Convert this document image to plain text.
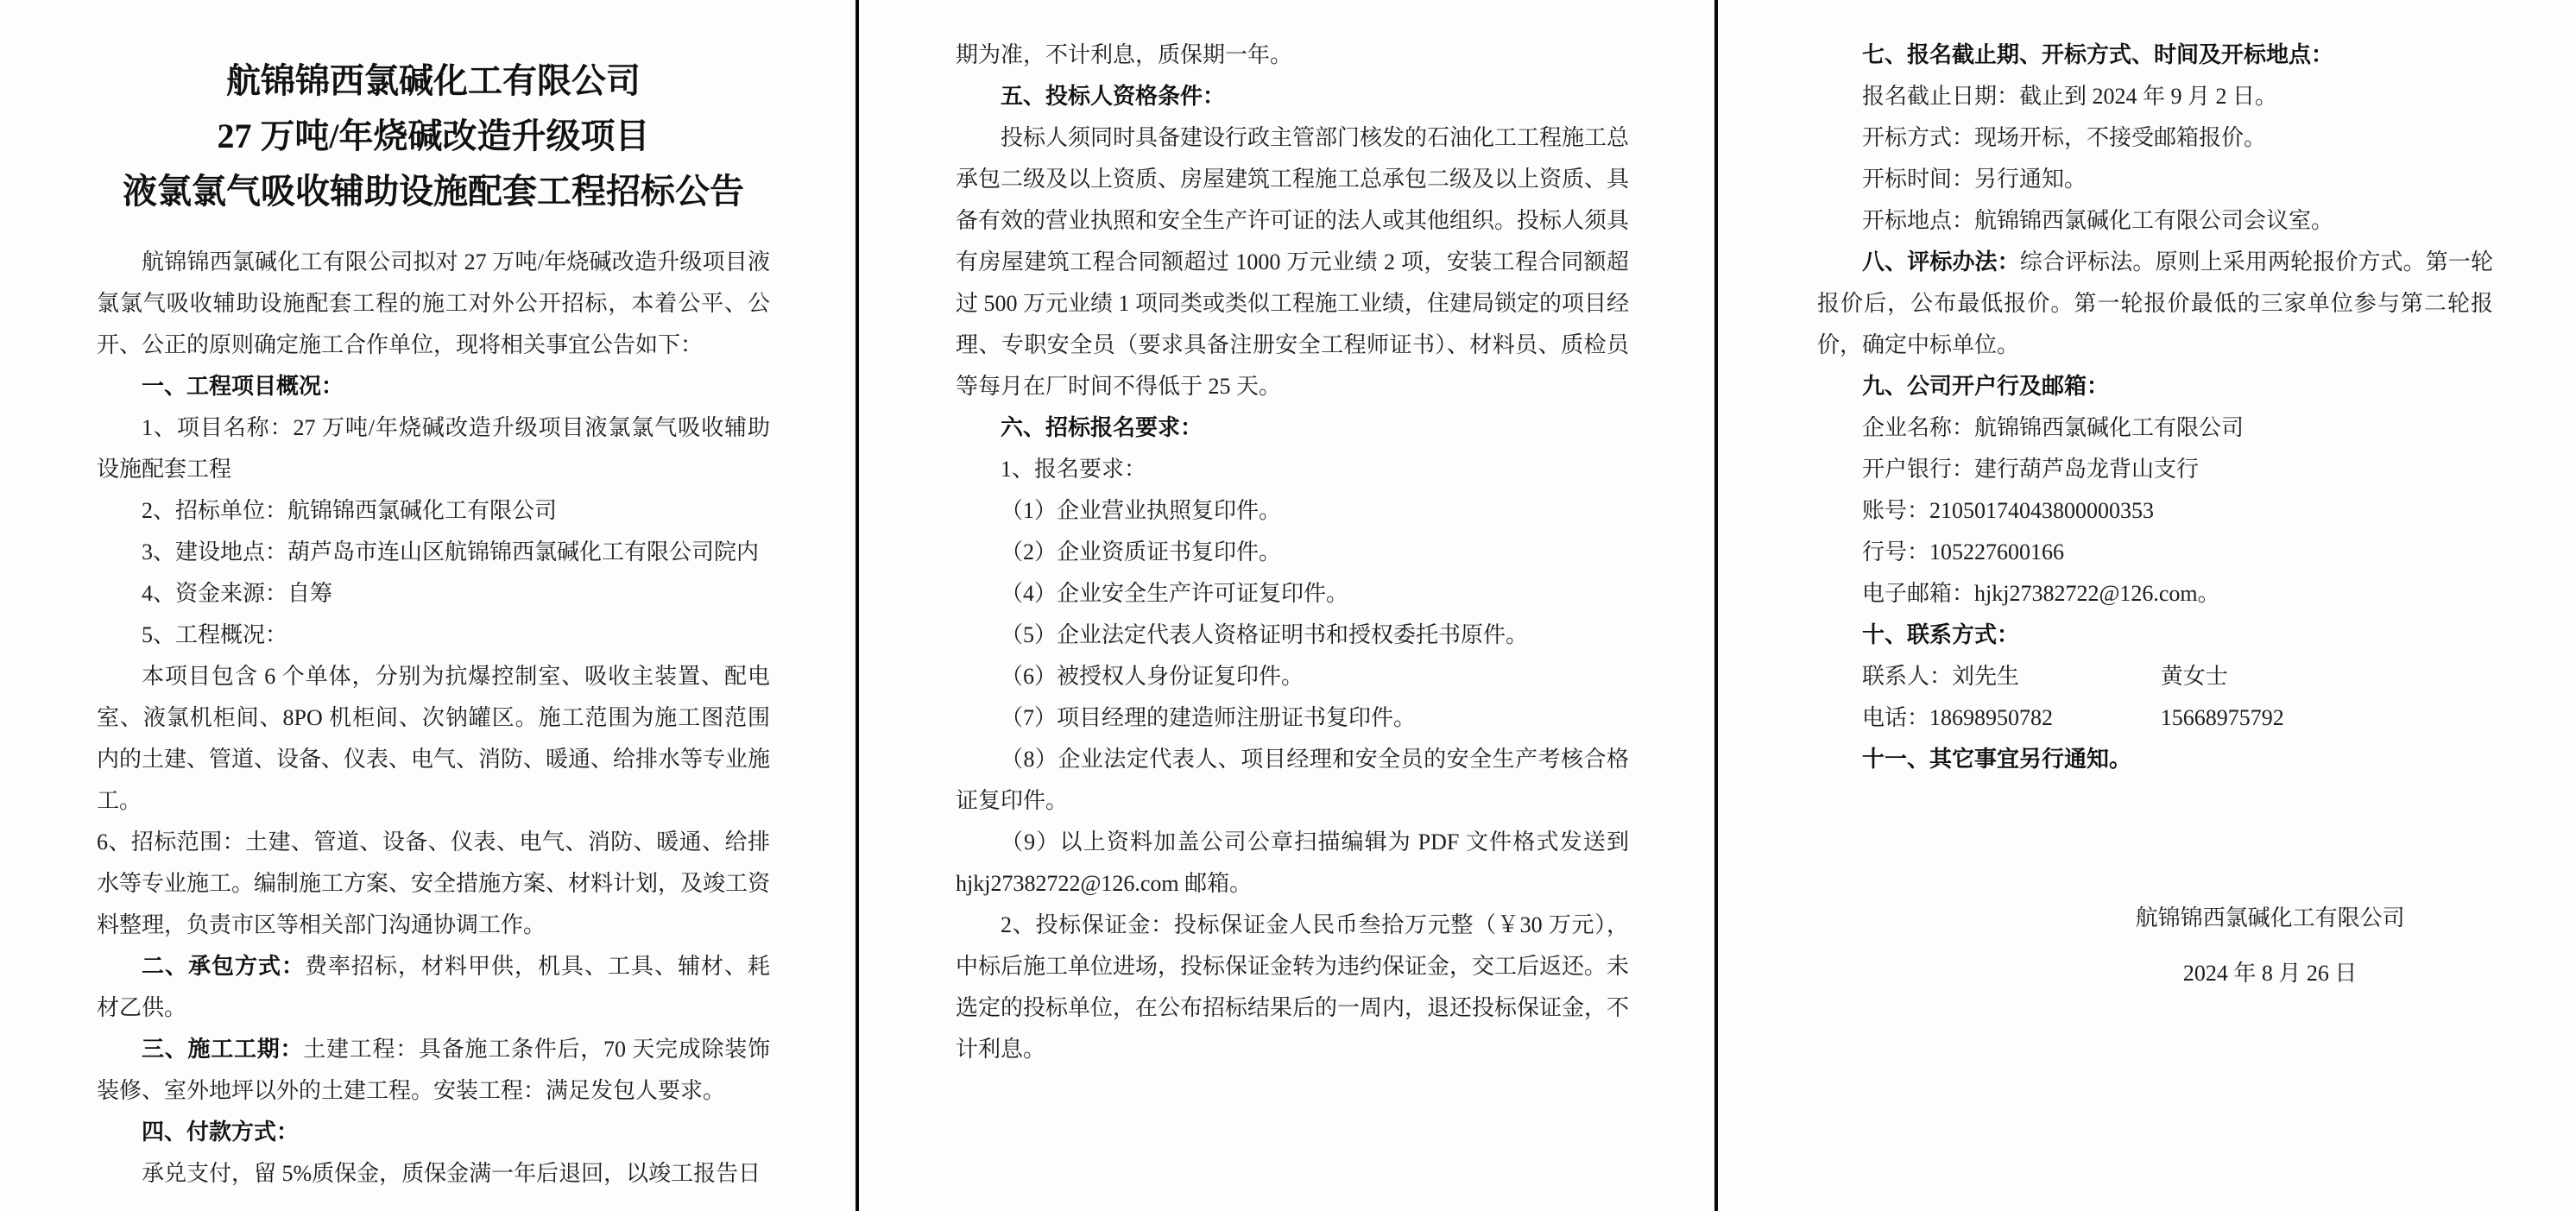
航锦锦西氯碱化工有限公司
27 万吨/年烧碱改造升级项目
液氯氯气吸收辅助设施配套工程招标公告

航锦锦西氯碱化工有限公司拟对 27 万吨/年烧碱改造升级项目液氯氯气吸收辅助设施配套工程的施工对外公开招标，本着公平、公开、公正的原则确定施工合作单位，现将相关事宜公告如下：

一、工程项目概况：

1、项目名称：27 万吨/年烧碱改造升级项目液氯氯气吸收辅助设施配套工程

2、招标单位：航锦锦西氯碱化工有限公司

3、建设地点：葫芦岛市连山区航锦锦西氯碱化工有限公司院内

4、资金来源：自筹

5、工程概况：

本项目包含 6 个单体，分别为抗爆控制室、吸收主装置、配电室、液氯机柜间、8PO 机柜间、次钠罐区。施工范围为施工图范围内的土建、管道、设备、仪表、电气、消防、暖通、给排水等专业施工。

6、招标范围：土建、管道、设备、仪表、电气、消防、暖通、给排水等专业施工。编制施工方案、安全措施方案、材料计划，及竣工资料整理，负责市区等相关部门沟通协调工作。

二、承包方式：费率招标，材料甲供，机具、工具、辅材、耗材乙供。

三、施工工期：土建工程：具备施工条件后，70 天完成除装饰装修、室外地坪以外的土建工程。安装工程：满足发包人要求。

四、付款方式：

承兑支付，留 5%质保金，质保金满一年后退回，以竣工报告日

期为准，不计利息，质保期一年。

五、投标人资格条件：

投标人须同时具备建设行政主管部门核发的石油化工工程施工总承包二级及以上资质、房屋建筑工程施工总承包二级及以上资质、具备有效的营业执照和安全生产许可证的法人或其他组织。投标人须具有房屋建筑工程合同额超过 1000 万元业绩 2 项，安装工程合同额超过 500 万元业绩 1 项同类或类似工程施工业绩，住建局锁定的项目经理、专职安全员（要求具备注册安全工程师证书）、材料员、质检员等每月在厂时间不得低于 25 天。

六、招标报名要求：

1、报名要求：

（1）企业营业执照复印件。

（2）企业资质证书复印件。

（4）企业安全生产许可证复印件。

（5）企业法定代表人资格证明书和授权委托书原件。

（6）被授权人身份证复印件。

（7）项目经理的建造师注册证书复印件。

（8）企业法定代表人、项目经理和安全员的安全生产考核合格证复印件。

（9）以上资料加盖公司公章扫描编辑为 PDF 文件格式发送到 hjkj27382722@126.com 邮箱。

2、投标保证金：投标保证金人民币叁拾万元整（￥30 万元），中标后施工单位进场，投标保证金转为违约保证金，交工后返还。未选定的投标单位，在公布招标结果后的一周内，退还投标保证金，不计利息。

七、报名截止期、开标方式、时间及开标地点：

报名截止日期：截止到 2024 年 9 月 2 日。

开标方式：现场开标，不接受邮箱报价。

开标时间：另行通知。

开标地点：航锦锦西氯碱化工有限公司会议室。

八、评标办法：综合评标法。原则上采用两轮报价方式。第一轮报价后，公布最低报价。第一轮报价最低的三家单位参与第二轮报价，确定中标单位。

九、公司开户行及邮箱：

企业名称：航锦锦西氯碱化工有限公司

开户银行：建行葫芦岛龙背山支行

账号：21050174043800000353

行号：105227600166

电子邮箱：hjkj27382722@126.com。

十、联系方式：

联系人：刘先生	黄女士

电话：18698950782	15668975792

十一、其它事宜另行通知。

航锦锦西氯碱化工有限公司
2024 年 8 月 26 日
